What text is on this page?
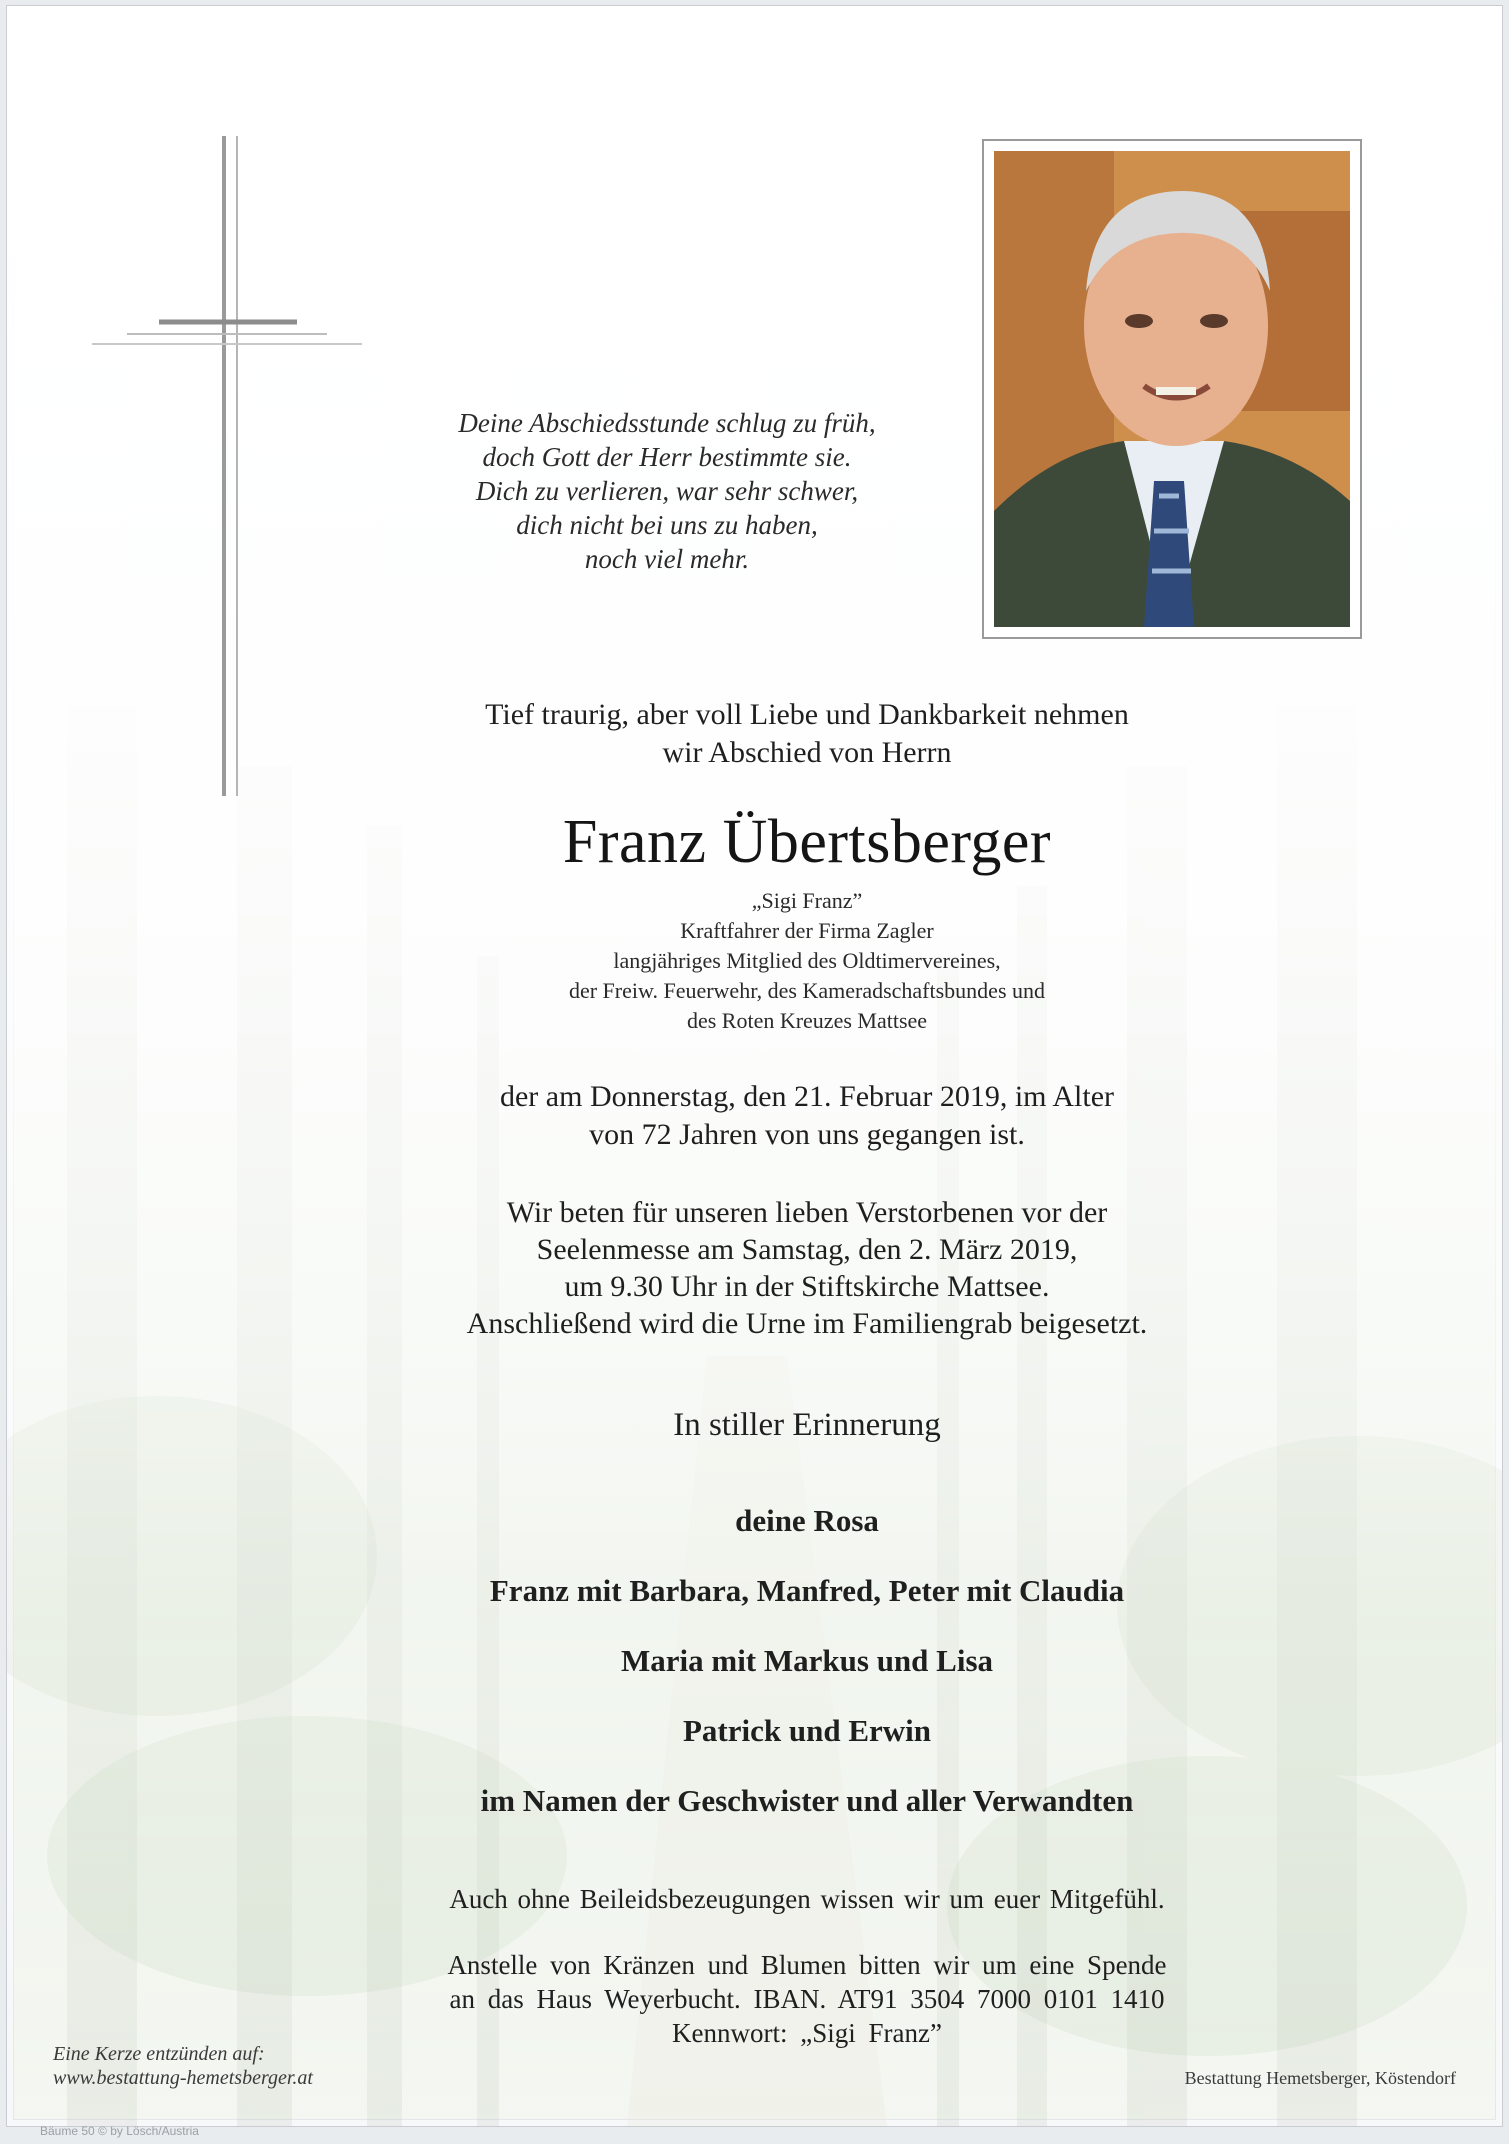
Deine Abschiedsstunde schlug zu früh,
doch Gott der Herr bestimmte sie.
Dich zu verlieren, war sehr schwer,
dich nicht bei uns zu haben,
noch viel mehr.
Tief traurig, aber voll Liebe und Dankbarkeit nehmen
wir Abschied von Herrn
Franz Übertsberger
„Sigi Franz”
Kraftfahrer der Firma Zagler
langjähriges Mitglied des Oldtimervereines,
der Freiw. Feuerwehr, des Kameradschaftsbundes und
des Roten Kreuzes Mattsee
der am Donnerstag, den 21. Februar 2019, im Alter
von 72 Jahren von uns gegangen ist.
Wir beten für unseren lieben Verstorbenen vor der
Seelenmesse am Samstag, den 2. März 2019,
um 9.30 Uhr in der Stiftskirche Mattsee.
Anschließend wird die Urne im Familiengrab beigesetzt.
In stiller Erinnerung
deine Rosa
Franz mit Barbara, Manfred, Peter mit Claudia
Maria mit Markus und Lisa
Patrick und Erwin
im Namen der Geschwister und aller Verwandten
Auch ohne Beileidsbezeugungen wissen wir um euer Mitgefühl.
Anstelle von Kränzen und Blumen bitten wir um eine Spende
an das Haus Weyerbucht. IBAN. AT91 3504 7000 0101 1410
Kennwort: „Sigi Franz”
Eine Kerze entzünden auf:
www.bestattung-hemetsberger.at	Bestattung Hemetsberger, Köstendorf
Bäume 50 © by Lösch/Austria
